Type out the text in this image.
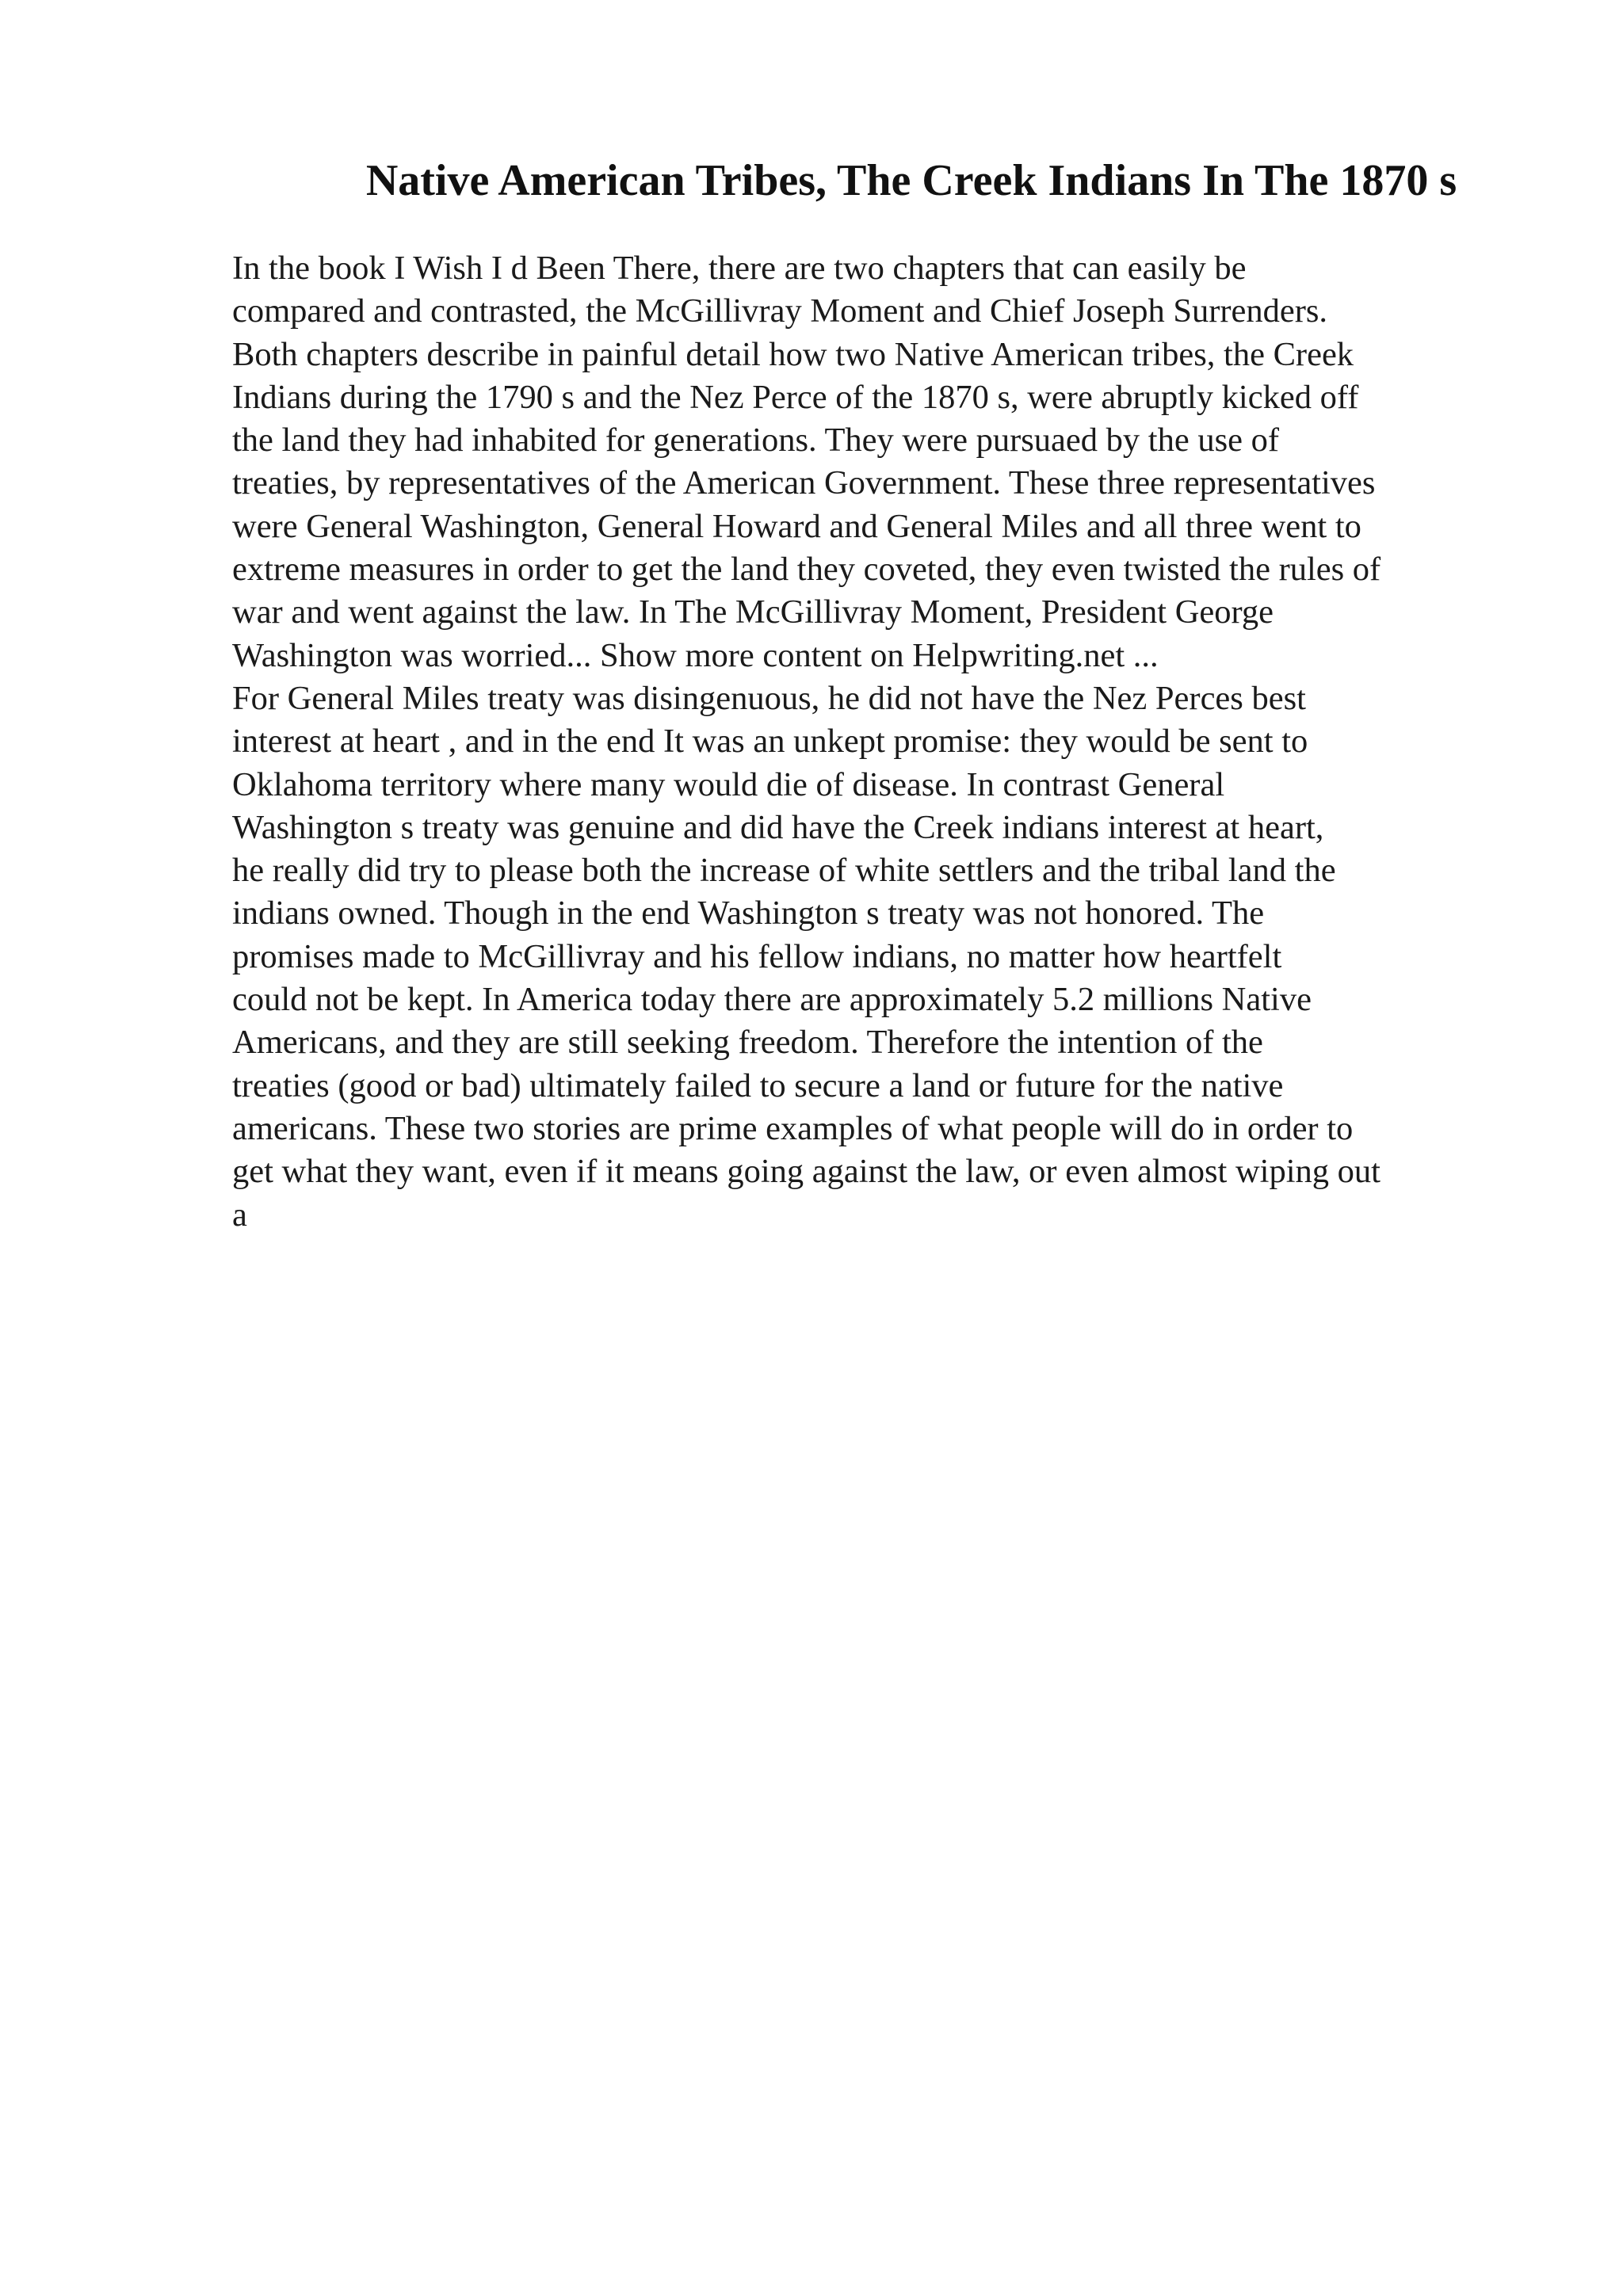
Native American Tribes, The Creek Indians In The 1870 s
In the book I Wish I d Been There, there are two chapters that can easily be
compared and contrasted, the McGillivray Moment and Chief Joseph Surrenders.
Both chapters describe in painful detail how two Native American tribes, the Creek
Indians during the 1790 s and the Nez Perce of the 1870 s, were abruptly kicked off
the land they had inhabited for generations. They were pursuaed by the use of
treaties, by representatives of the American Government. These three representatives
were General Washington, General Howard and General Miles and all three went to
extreme measures in order to get the land they coveted, they even twisted the rules of
war and went against the law. In The McGillivray Moment, President George
Washington was worried... Show more content on Helpwriting.net ...
For General Miles treaty was disingenuous, he did not have the Nez Perces best
interest at heart , and in the end It was an unkept promise: they would be sent to
Oklahoma territory where many would die of disease. In contrast General
Washington s treaty was genuine and did have the Creek indians interest at heart,
he really did try to please both the increase of white settlers and the tribal land the
indians owned. Though in the end Washington s treaty was not honored. The
promises made to McGillivray and his fellow indians, no matter how heartfelt
could not be kept. In America today there are approximately 5.2 millions Native
Americans, and they are still seeking freedom. Therefore the intention of the
treaties (good or bad) ultimately failed to secure a land or future for the native
americans. These two stories are prime examples of what people will do in order to
get what they want, even if it means going against the law, or even almost wiping out
a
